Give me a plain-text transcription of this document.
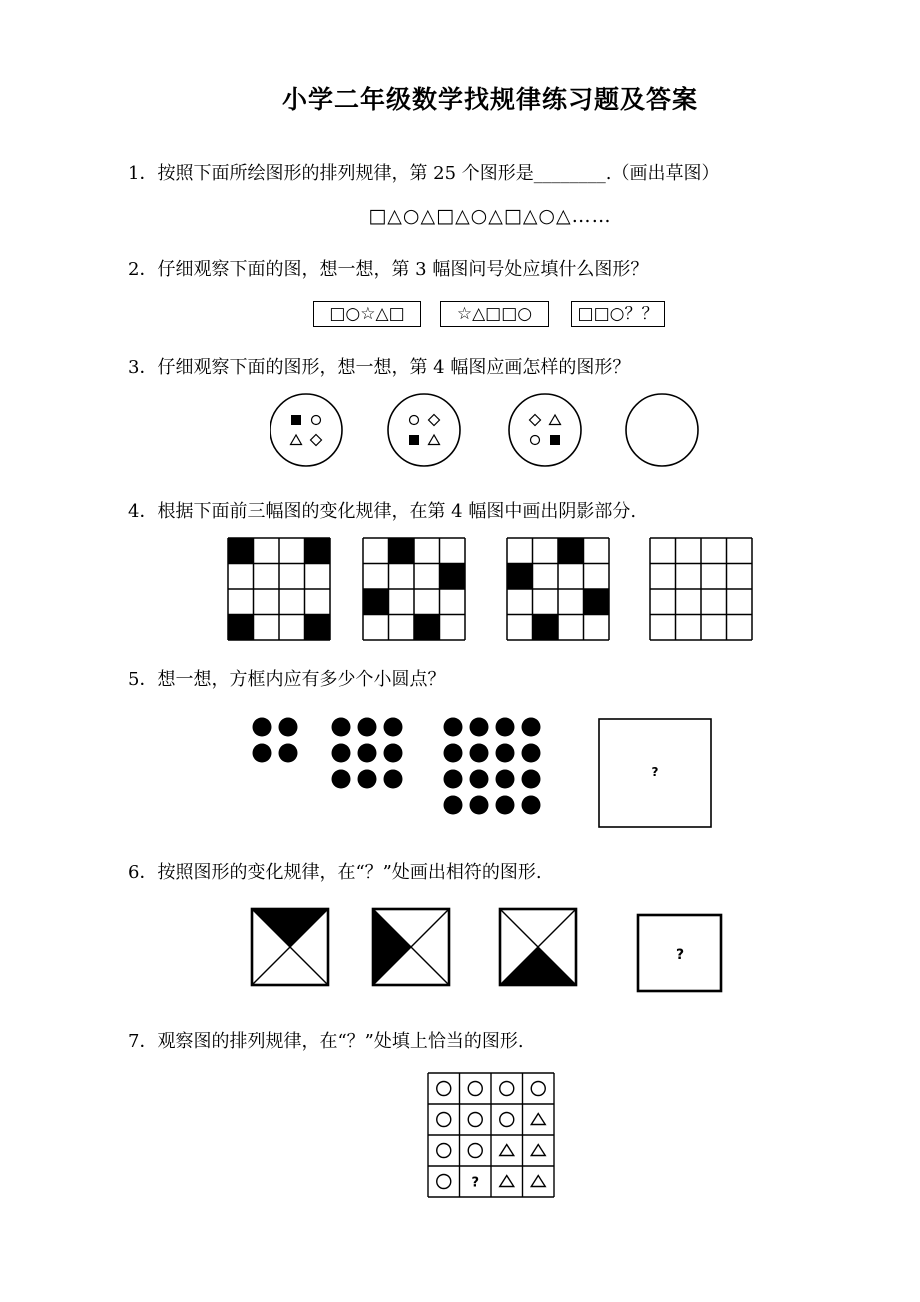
小学二年级数学找规律练习题及答案
1．按照下面所绘图形的排列规律，第 25 个图形是________.（画出草图）
□△○△□△○△□△○△……
2．仔细观察下面的图，想一想，第 3 幅图问号处应填什么图形？
□○☆△□	☆△□□○	□□○？？
3．仔细观察下面的图形，想一想，第 4 幅图应画怎样的图形？
4．根据下面前三幅图的变化规律，在第 4 幅图中画出阴影部分.
5．想一想，方框内应有多少个小圆点？
?
6．按照图形的变化规律，在“？”处画出相符的图形.
?
7．观察图的排列规律，在“？”处填上恰当的图形.
?
